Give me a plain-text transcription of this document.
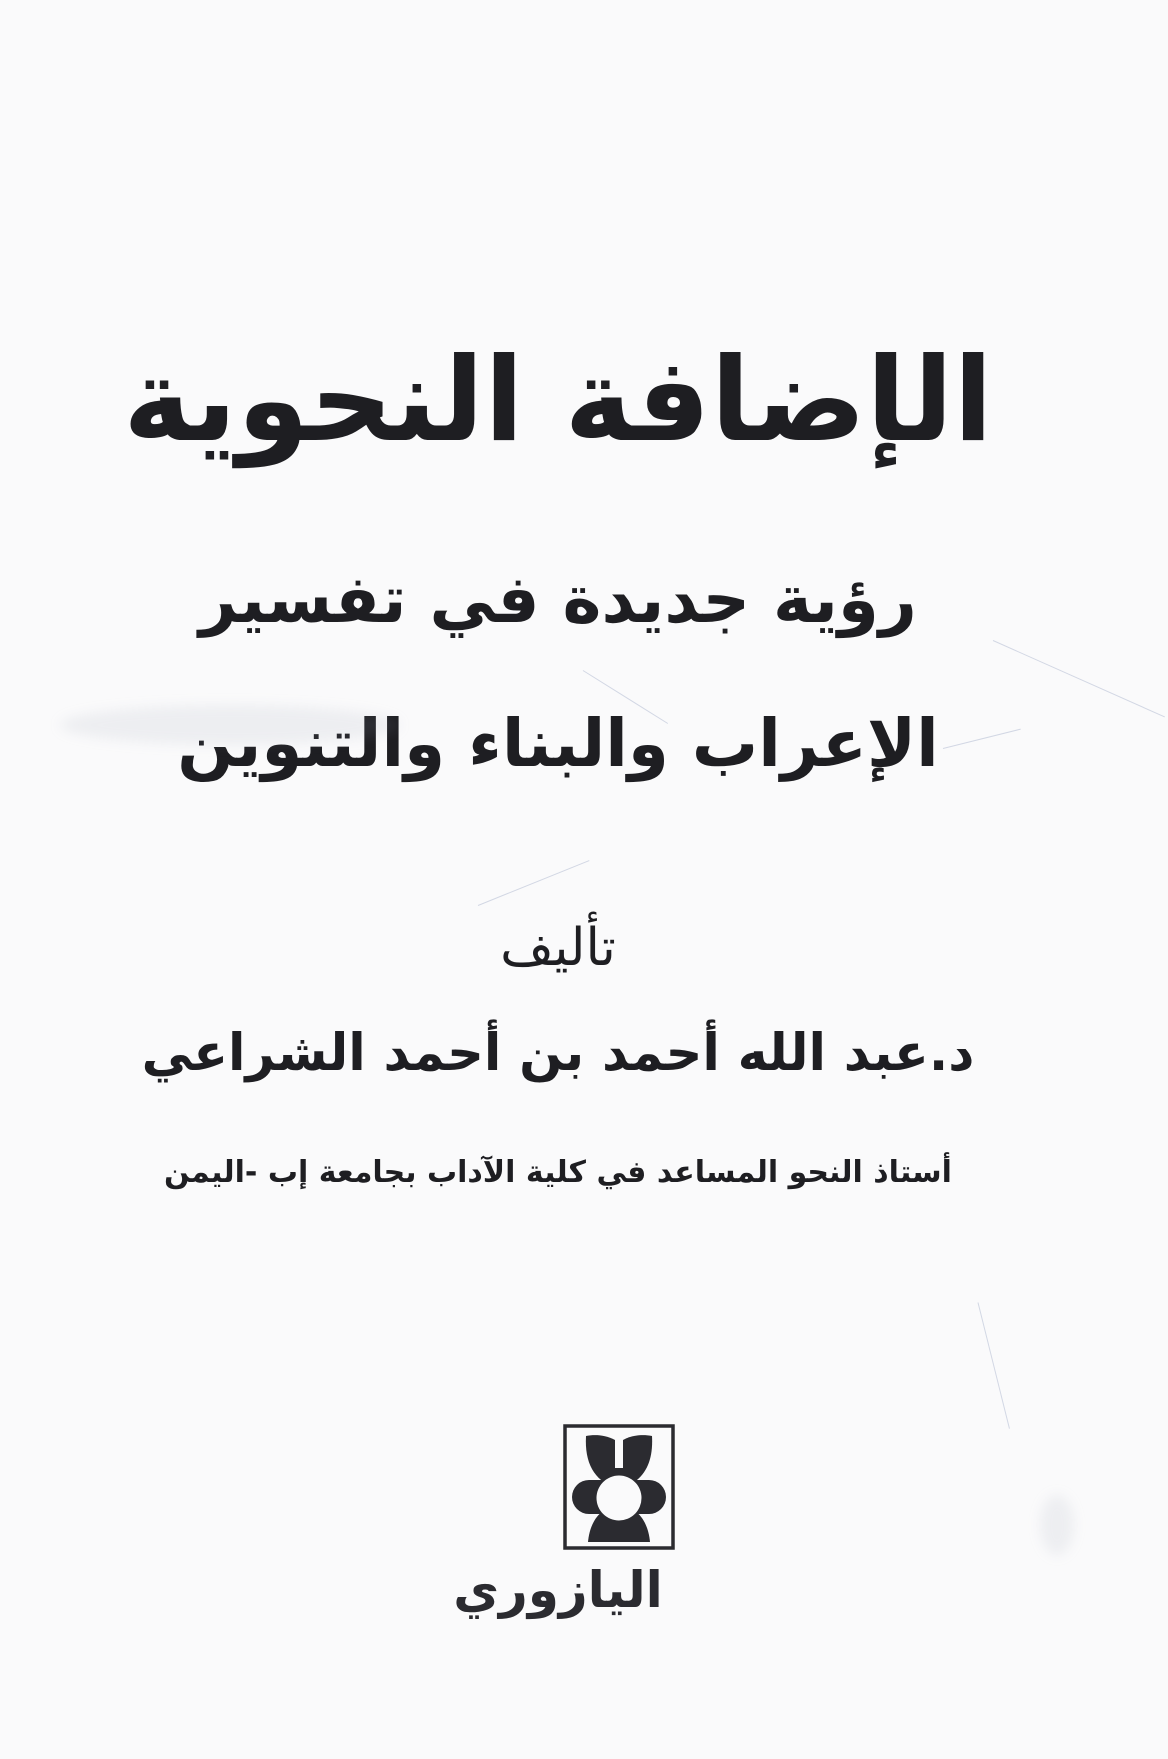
الإضافة النحوية
رؤية جديدة في تفسير
الإعراب والبناء والتنوين
تأليف
د.عبد الله أحمد بن أحمد الشراعي
أستاذ النحو المساعد في كلية الآداب بجامعة إب -اليمن
اليازوري
